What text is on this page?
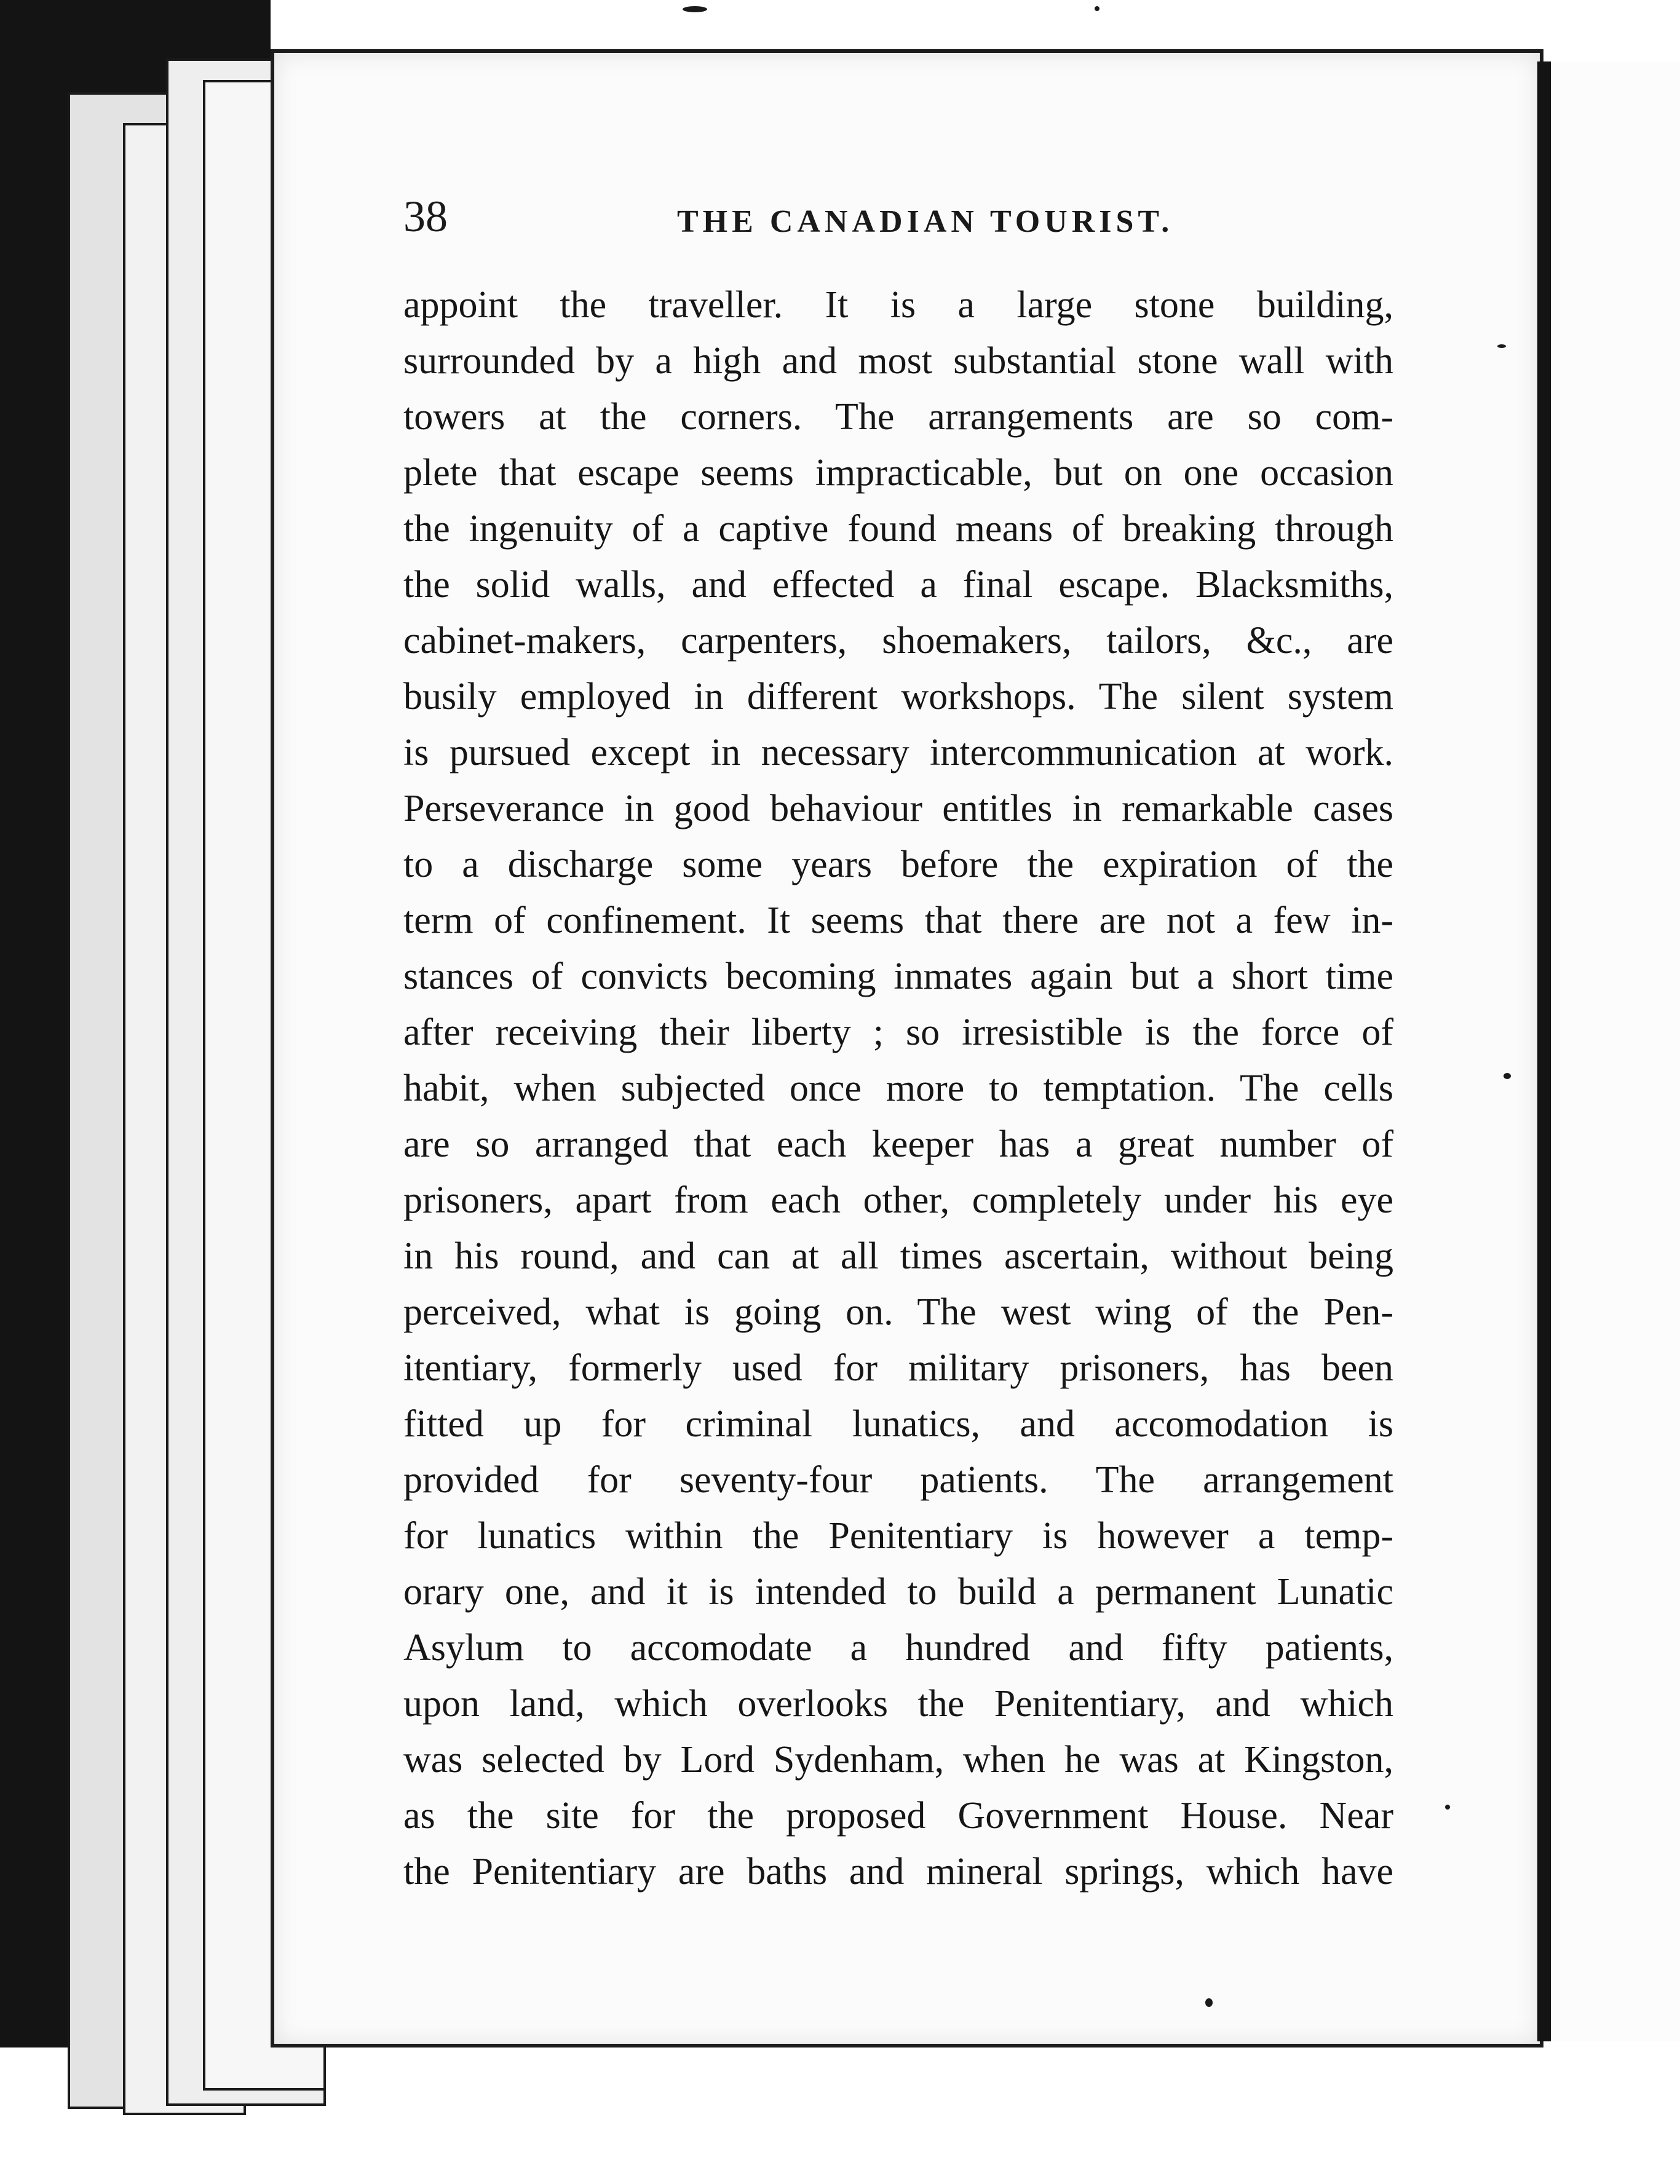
38	THE CANADIAN TOURIST.
appoint the traveller. It is a large stone building,
surrounded by a high and most substantial stone wall with
towers at the corners. The arrangements are so com-
plete that escape seems impracticable, but on one occasion
the ingenuity of a captive found means of breaking through
the solid walls, and effected a final escape. Blacksmiths,
cabinet-makers, carpenters, shoemakers, tailors, &c., are
busily employed in different workshops. The silent system
is pursued except in necessary intercommunication at work.
Perseverance in good behaviour entitles in remarkable cases
to a discharge some years before the expiration of the
term of confinement. It seems that there are not a few in-
stances of convicts becoming inmates again but a short time
after receiving their liberty ; so irresistible is the force of
habit, when subjected once more to temptation. The cells
are so arranged that each keeper has a great number of
prisoners, apart from each other, completely under his eye
in his round, and can at all times ascertain, without being
perceived, what is going on. The west wing of the Pen-
itentiary, formerly used for military prisoners, has been
fitted up for criminal lunatics, and accomodation is
provided for seventy-four patients. The arrangement
for lunatics within the Penitentiary is however a temp-
orary one, and it is intended to build a permanent Lunatic
Asylum to accomodate a hundred and fifty patients,
upon land, which overlooks the Penitentiary, and which
was selected by Lord Sydenham, when he was at Kingston,
as the site for the proposed Government House. Near
the Penitentiary are baths and mineral springs, which have
